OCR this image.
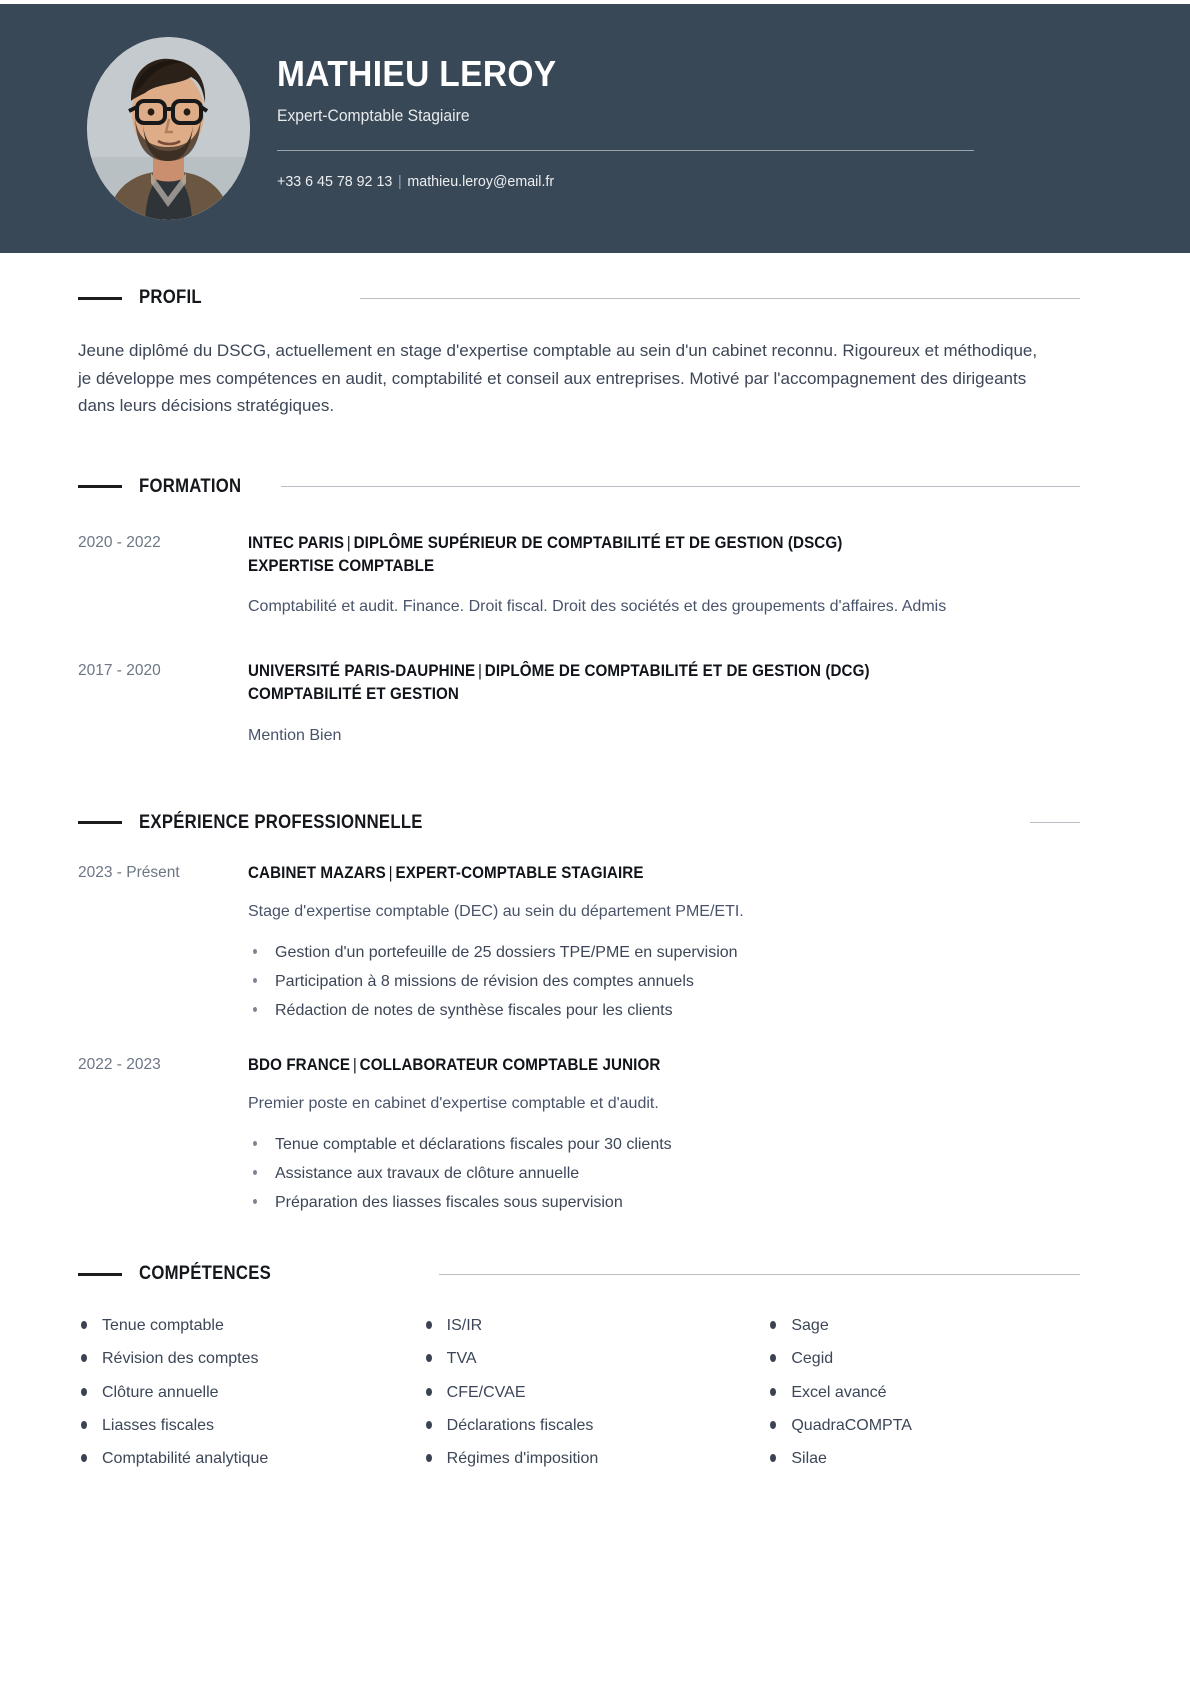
MATHIEU LEROY
Expert-Comptable Stagiaire
+33 6 45 78 92 13 | mathieu.leroy@email.fr
PROFIL
Jeune diplômé du DSCG, actuellement en stage d'expertise comptable au sein d'un cabinet reconnu. Rigoureux et méthodique, je développe mes compétences en audit, comptabilité et conseil aux entreprises. Motivé par l'accompagnement des dirigeants dans leurs décisions stratégiques.
FORMATION
2020 - 2022	INTEC PARIS | DIPLÔME SUPÉRIEUR DE COMPTABILITÉ ET DE GESTION (DSCG)
EXPERTISE COMPTABLE
Comptabilité et audit. Finance. Droit fiscal. Droit des sociétés et des groupements d'affaires. Admis
2017 - 2020	UNIVERSITÉ PARIS-DAUPHINE | DIPLÔME DE COMPTABILITÉ ET DE GESTION (DCG)
COMPTABILITÉ ET GESTION
Mention Bien
EXPÉRIENCE PROFESSIONNELLE
2023 - Présent	CABINET MAZARS | EXPERT-COMPTABLE STAGIAIRE
Stage d'expertise comptable (DEC) au sein du département PME/ETI.
Gestion d'un portefeuille de 25 dossiers TPE/PME en supervision
Participation à 8 missions de révision des comptes annuels
Rédaction de notes de synthèse fiscales pour les clients
2022 - 2023	BDO FRANCE | COLLABORATEUR COMPTABLE JUNIOR
Premier poste en cabinet d'expertise comptable et d'audit.
Tenue comptable et déclarations fiscales pour 30 clients
Assistance aux travaux de clôture annuelle
Préparation des liasses fiscales sous supervision
COMPÉTENCES
Tenue comptable
Révision des comptes
Clôture annuelle
Liasses fiscales
Comptabilité analytique
IS/IR
TVA
CFE/CVAE
Déclarations fiscales
Régimes d'imposition
Sage
Cegid
Excel avancé
QuadraCOMPTA
Silae
